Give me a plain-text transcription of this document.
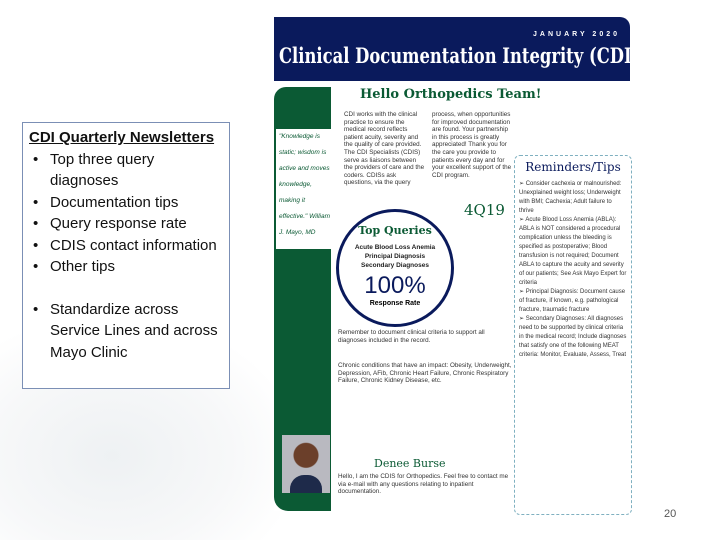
CDI Quarterly Newsletters
• Top three query diagnoses
• Documentation tips
• Query response rate
• CDIS contact information
• Other tips
• Standardize across Service Lines and across Mayo Clinic
JANUARY 2020
Clinical Documentation Integrity (CDI)
"Knowledge is static; wisdom is active and moves knowledge, making it effective." William J. Mayo, MD
Hello Orthopedics Team!
CDI works with the clinical practice to ensure the medical record reflects patient acuity, severity and the quality of care provided. The CDI Specialists (CDIS) serve as liaisons between the providers of care and the coders. CDISs ask questions, via the query process, when opportunities for improved documentation are found. Your partnership in this process is greatly appreciated! Thank you for the care you provide to patients every day and for your excellent support of the CDI program.
4Q19
Top Queries
Acute Blood Loss Anemia
Principal Diagnosis
Secondary Diagnoses
100%
Response Rate
Remember to document clinical criteria to support all diagnoses included in the record.
Chronic conditions that have an impact: Obesity, Underweight, Depression, AFib, Chronic Heart Failure, Chronic Respiratory Failure, Chronic Kidney Disease, etc.
Denee Burse
Hello, I am the CDIS for Orthopedics. Feel free to contact me via e-mail with any questions relating to inpatient documentation.
Reminders/Tips
➢ Consider cachexia or malnourished: Unexplained weight loss; Underweight with BMI; Cachexia; Adult failure to thrive
➢ Acute Blood Loss Anemia (ABLA): ABLA is NOT considered a procedural complication unless the bleeding is specified as postoperative; Blood transfusion is not required; Document ABLA to capture the acuity and severity of our patients; See Ask Mayo Expert for criteria
➢ Principal Diagnosis: Document cause of fracture, if known, e.g. pathological fracture, traumatic fracture
➢ Secondary Diagnoses: All diagnoses need to be supported by clinical criteria in the medical record; Include diagnoses that satisfy one of the following MEAT criteria: Monitor, Evaluate, Assess, Treat
20
